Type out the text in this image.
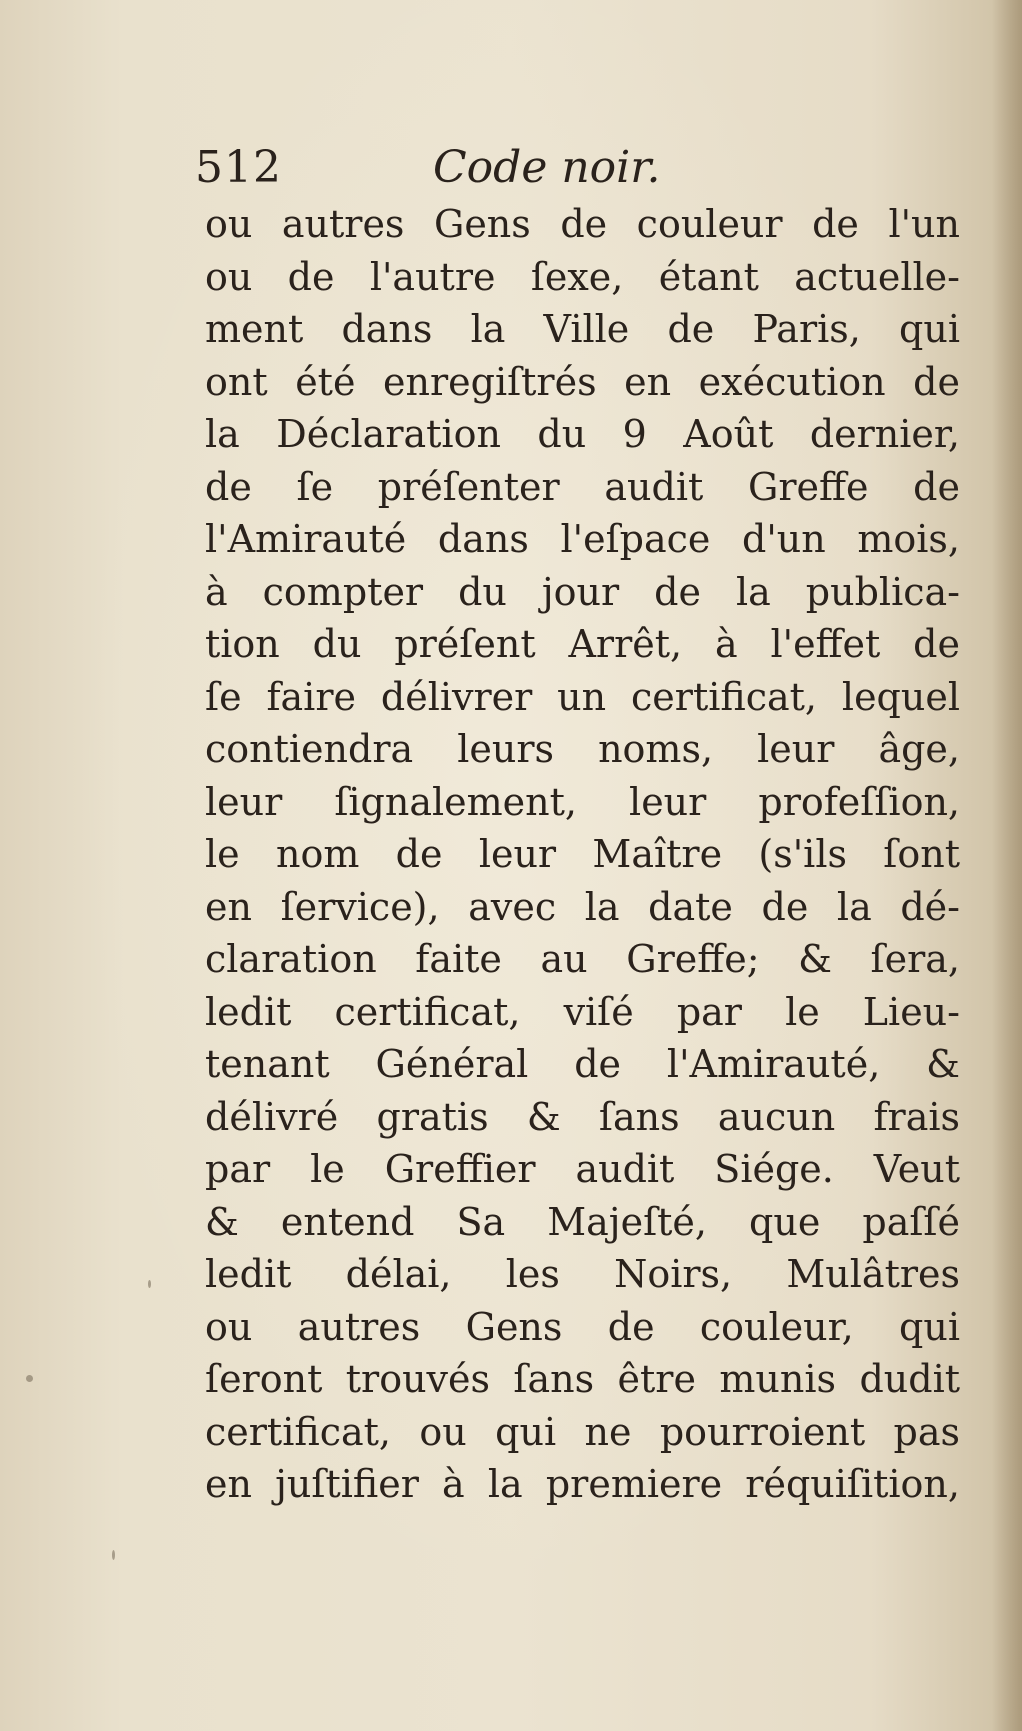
512	Code noir.
ou autres Gens de couleur de l'un
ou de l'autre ſexe, étant actuelle-
ment dans la Ville de Paris, qui
ont été enregiſtrés en exécution de
la Déclaration du 9 Août dernier,
de ſe préſenter audit Greffe de
l'Amirauté dans l'eſpace d'un mois,
à compter du jour de la publica-
tion du préſent Arrêt, à l'effet de
ſe faire délivrer un certificat, lequel
contiendra leurs noms, leur âge,
leur ſignalement, leur profeſſion,
le nom de leur Maître (s'ils ſont
en ſervice), avec la date de la dé-
claration faite au Greffe; & ſera,
ledit certificat, viſé par le Lieu-
tenant Général de l'Amirauté, &
délivré gratis & ſans aucun frais
par le Greffier audit Siége. Veut
& entend Sa Majeſté, que paſſé
ledit délai, les Noirs, Mulâtres
ou autres Gens de couleur, qui
ſeront trouvés ſans être munis dudit
certificat, ou qui ne pourroient pas
en juſtifier à la premiere réquiſition,
